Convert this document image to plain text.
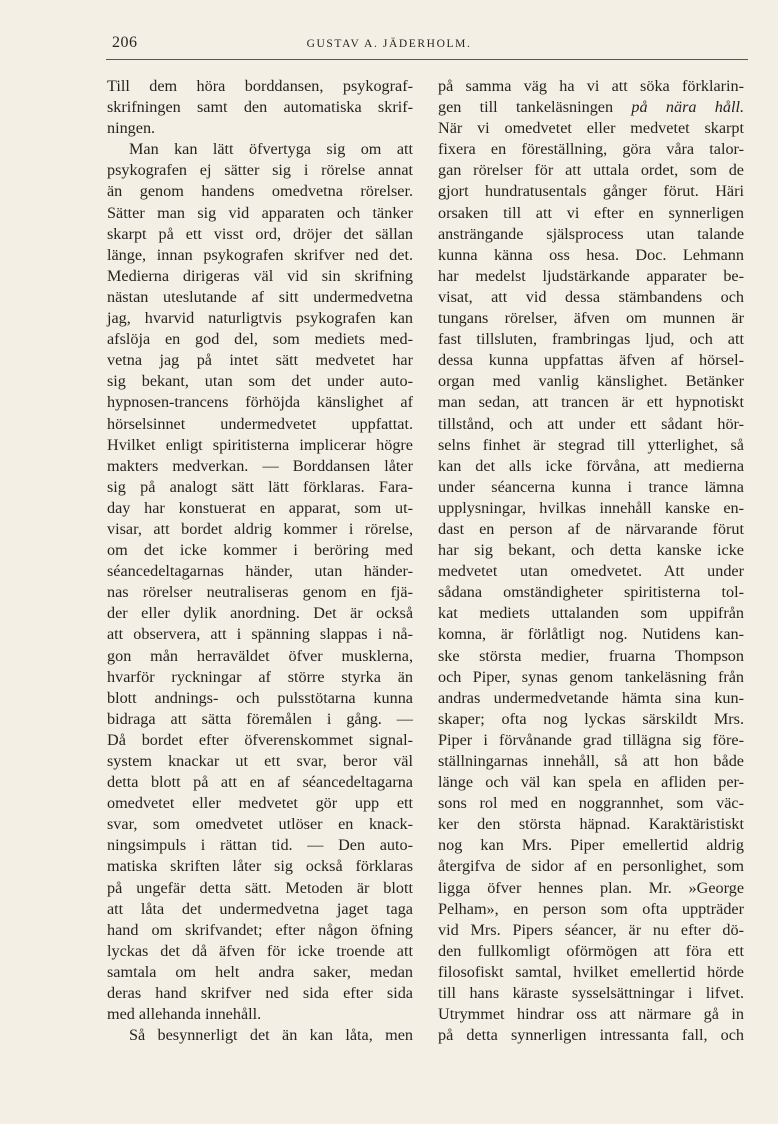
206	GUSTAV A. JÄDERHOLM.
Till dem höra borddansen, psykograf-
skrifningen samt den automatiska skrif-
ningen.
Man kan lätt öfvertyga sig om att
psykografen ej sätter sig i rörelse annat
än genom handens omedvetna rörelser.
Sätter man sig vid apparaten och tänker
skarpt på ett visst ord, dröjer det sällan
länge, innan psykografen skrifver ned det.
Medierna dirigeras väl vid sin skrifning
nästan uteslutande af sitt undermedvetna
jag, hvarvid naturligtvis psykografen kan
afslöja en god del, som mediets med-
vetna jag på intet sätt medvetet har
sig bekant, utan som det under auto-
hypnosen-trancens förhöjda känslighet af
hörselsinnet undermedvetet uppfattat.
Hvilket enligt spiritisterna implicerar högre
makters medverkan. — Borddansen låter
sig på analogt sätt lätt förklaras. Fara-
day har konstuerat en apparat, som ut-
visar, att bordet aldrig kommer i rörelse,
om det icke kommer i beröring med
séancedeltagarnas händer, utan händer-
nas rörelser neutraliseras genom en fjä-
der eller dylik anordning. Det är också
att observera, att i spänning slappas i nå-
gon mån herraväldet öfver musklerna,
hvarför ryckningar af större styrka än
blott andnings- och pulsstötarna kunna
bidraga att sätta föremålen i gång. —
Då bordet efter öfverenskommet signal-
system knackar ut ett svar, beror väl
detta blott på att en af séancedeltagarna
omedvetet eller medvetet gör upp ett
svar, som omedvetet utlöser en knack-
ningsimpuls i rättan tid. — Den auto-
matiska skriften låter sig också förklaras
på ungefär detta sätt. Metoden är blott
att låta det undermedvetna jaget taga
hand om skrifvandet; efter någon öfning
lyckas det då äfven för icke troende att
samtala om helt andra saker, medan
deras hand skrifver ned sida efter sida
med allehanda innehåll.
Så besynnerligt det än kan låta, men
på samma väg ha vi att söka förklarin-
gen till tankeläsningen på nära håll.
När vi omedvetet eller medvetet skarpt
fixera en föreställning, göra våra talor-
gan rörelser för att uttala ordet, som de
gjort hundratusentals gånger förut. Häri
orsaken till att vi efter en synnerligen
ansträngande själsprocess utan talande
kunna känna oss hesa. Doc. Lehmann
har medelst ljudstärkande apparater be-
visat, att vid dessa stämbandens och
tungans rörelser, äfven om munnen är
fast tillsluten, frambringas ljud, och att
dessa kunna uppfattas äfven af hörsel-
organ med vanlig känslighet. Betänker
man sedan, att trancen är ett hypnotiskt
tillstånd, och att under ett sådant hör-
selns finhet är stegrad till ytterlighet, så
kan det alls icke förvåna, att medierna
under séancerna kunna i trance lämna
upplysningar, hvilkas innehåll kanske en-
dast en person af de närvarande förut
har sig bekant, och detta kanske icke
medvetet utan omedvetet. Att under
sådana omständigheter spiritisterna tol-
kat mediets uttalanden som uppifrån
komna, är förlåtligt nog. Nutidens kan-
ske största medier, fruarna Thompson
och Piper, synas genom tankeläsning från
andras undermedvetande hämta sina kun-
skaper; ofta nog lyckas särskildt Mrs.
Piper i förvånande grad tillägna sig före-
ställningarnas innehåll, så att hon både
länge och väl kan spela en afliden per-
sons rol med en noggrannhet, som väc-
ker den största häpnad. Karaktäristiskt
nog kan Mrs. Piper emellertid aldrig
återgifva de sidor af en personlighet, som
ligga öfver hennes plan. Mr. »George
Pelham», en person som ofta uppträder
vid Mrs. Pipers séancer, är nu efter dö-
den fullkomligt oförmögen att föra ett
filosofiskt samtal, hvilket emellertid hörde
till hans käraste sysselsättningar i lifvet.
Utrymmet hindrar oss att närmare gå in
på detta synnerligen intressanta fall, och
